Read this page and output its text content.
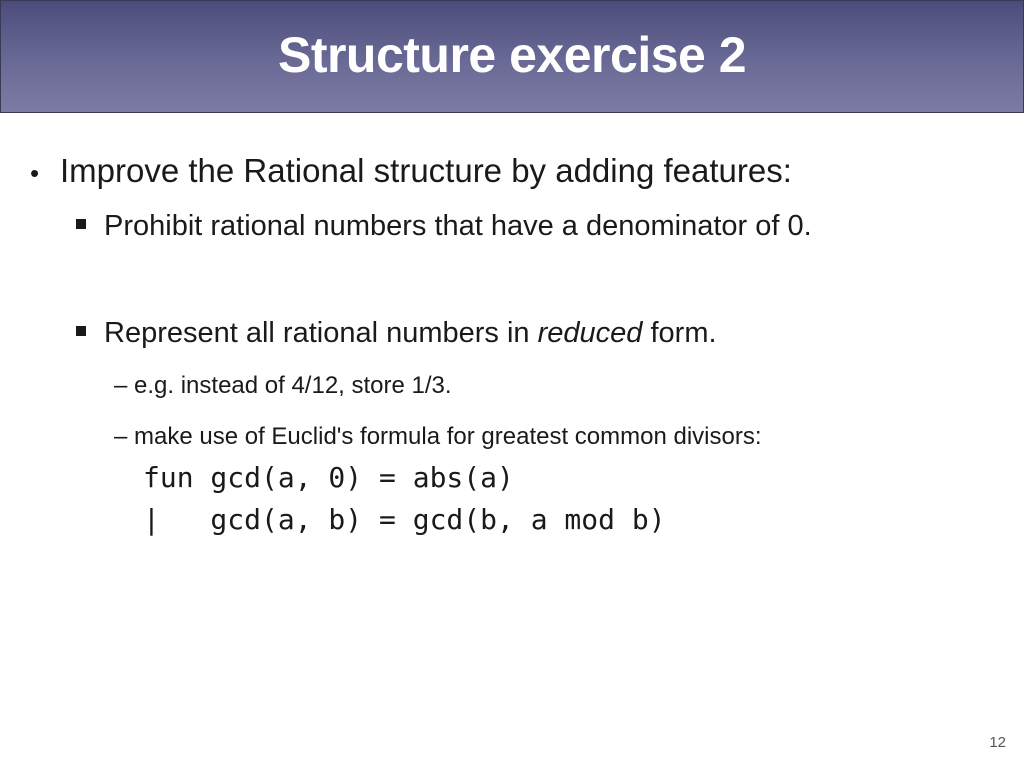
Structure exercise 2
• Improve the Rational structure by adding features:
Prohibit rational numbers that have a denominator of 0.
Represent all rational numbers in reduced form.
– e.g. instead of 4/12, store 1/3.
– make use of Euclid's formula for greatest common divisors:
fun gcd(a, 0) = abs(a)
|   gcd(a, b) = gcd(b, a mod b)
12
